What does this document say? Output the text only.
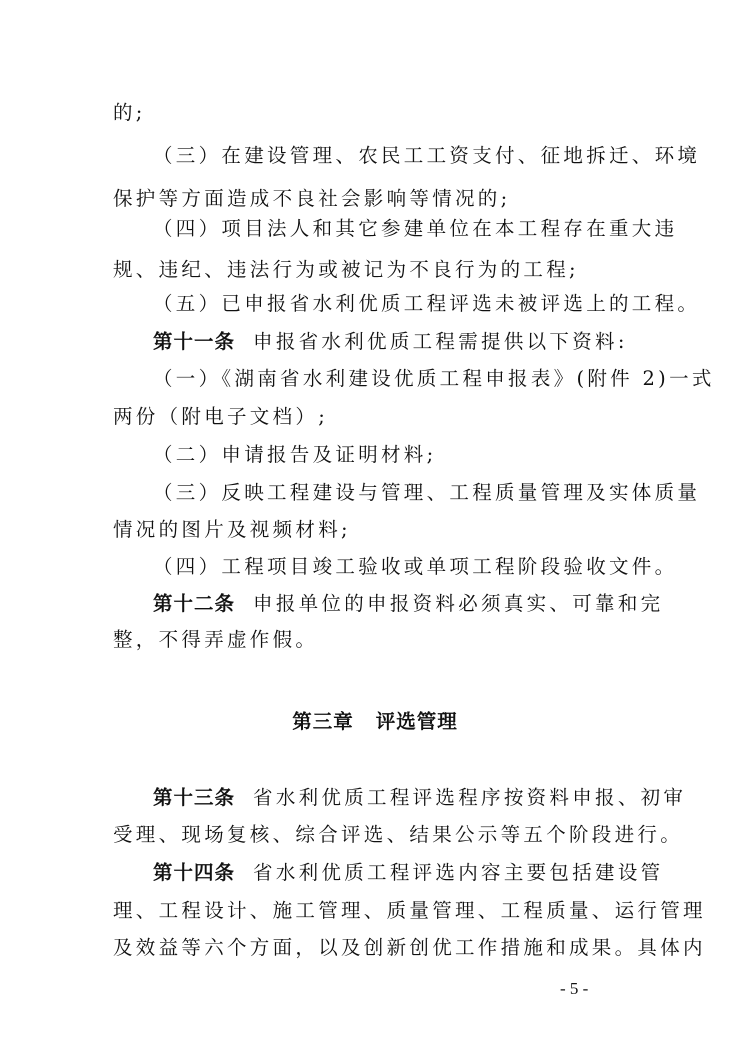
的;
（三）在建设管理、农民工工资支付、征地拆迁、环境
保护等方面造成不良社会影响等情况的;
（四）项目法人和其它参建单位在本工程存在重大违
规、违纪、违法行为或被记为不良行为的工程;
（五）已申报省水利优质工程评选未被评选上的工程。
第十一条 申报省水利优质工程需提供以下资料:
（一）《湖南省水利建设优质工程申报表》(附件 2)一式
两份（附电子文档）;
（二）申请报告及证明材料;
（三）反映工程建设与管理、工程质量管理及实体质量
情况的图片及视频材料;
（四）工程项目竣工验收或单项工程阶段验收文件。
第十二条 申报单位的申报资料必须真实、可靠和完
整，不得弄虚作假。
第三章 评选管理
第十三条 省水利优质工程评选程序按资料申报、初审
受理、现场复核、综合评选、结果公示等五个阶段进行。
第十四条 省水利优质工程评选内容主要包括建设管
理、工程设计、施工管理、质量管理、工程质量、运行管理
及效益等六个方面，以及创新创优工作措施和成果。具体内
- 5 -
